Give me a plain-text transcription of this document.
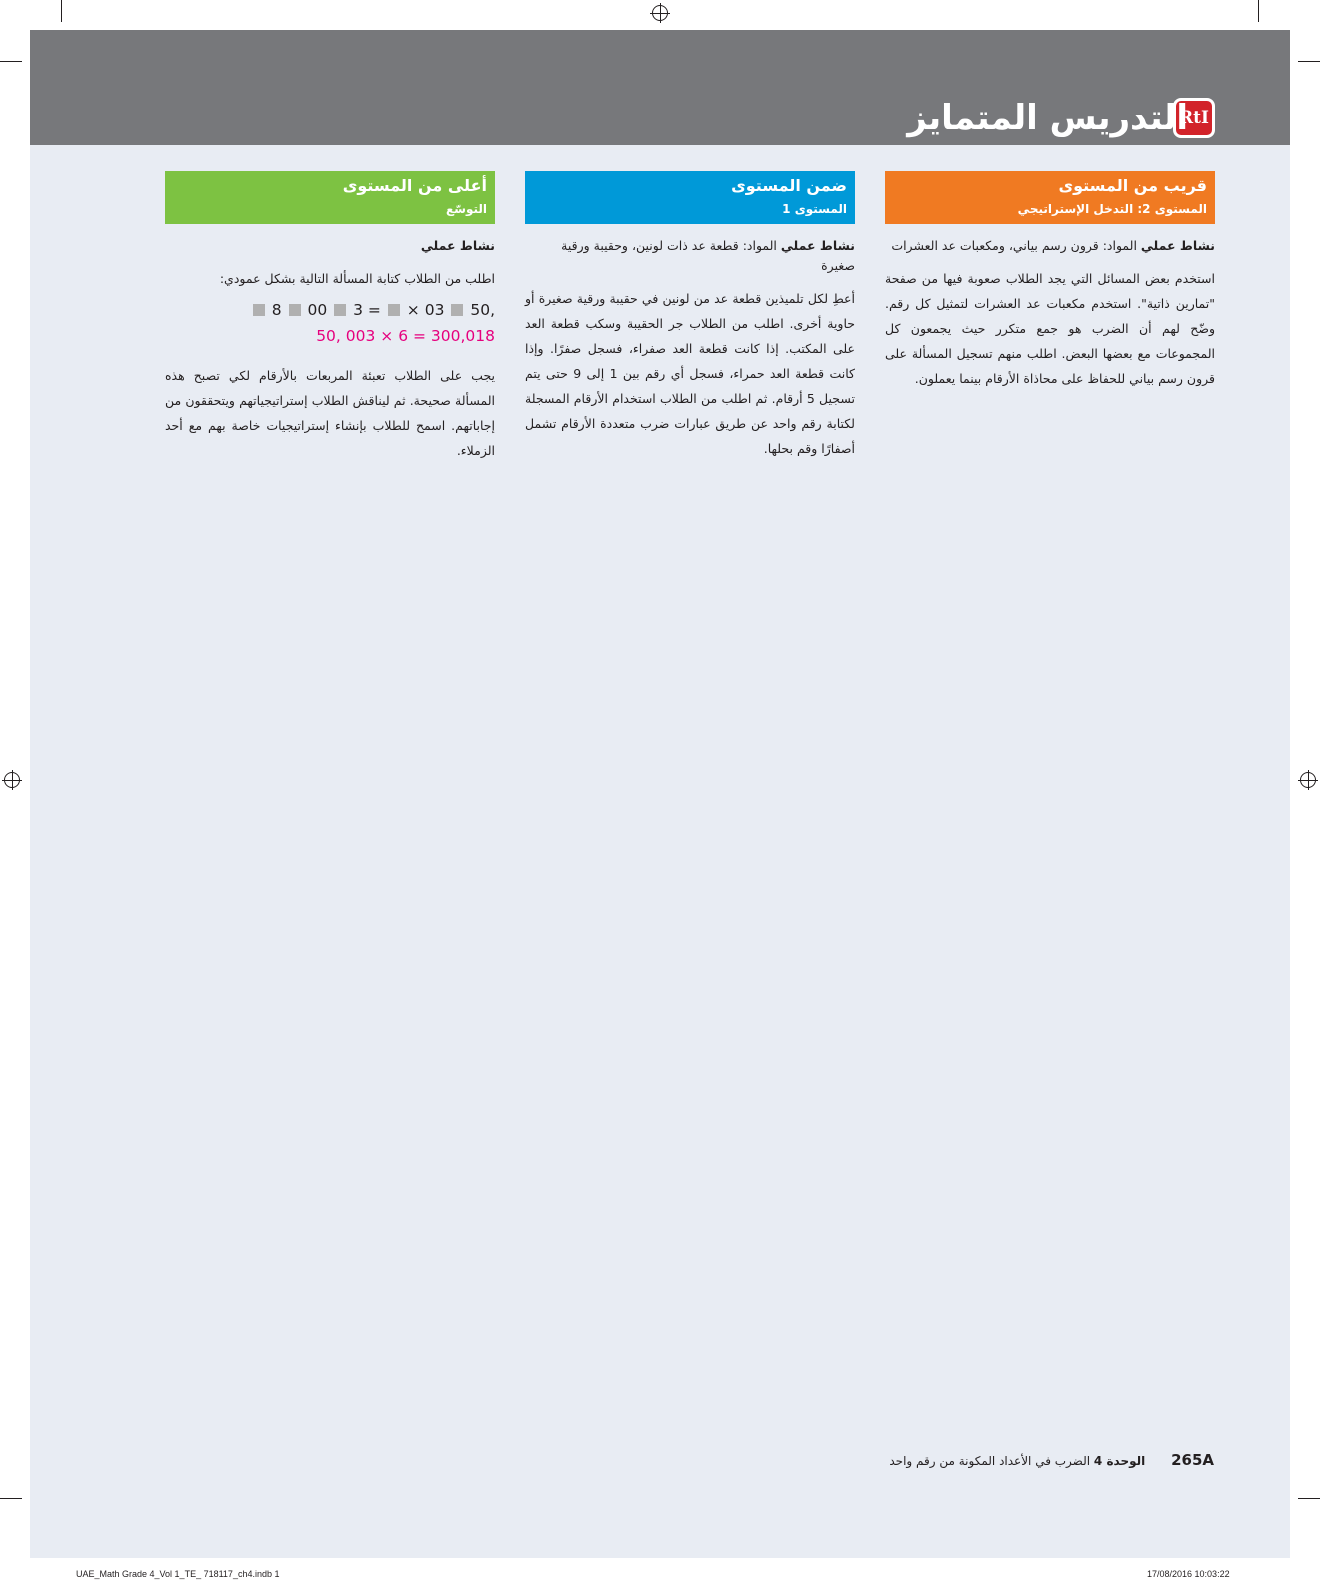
RtI
التدريس المتمايز
قريب من المستوى
المستوى 2: التدخل الإستراتيجي
نشاط عملي المواد: قرون رسم بياني، ومكعبات عد العشرات
استخدم بعض المسائل التي يجد الطلاب صعوبة فيها من صفحة "تمارين ذاتية". استخدم مكعبات عد العشرات لتمثيل كل رقم. وضّح لهم أن الضرب هو جمع متكرر حيث يجمعون كل المجموعات مع بعضها البعض. اطلب منهم تسجيل المسألة على قرون رسم بياني للحفاظ على محاذاة الأرقام بينما يعملون.
ضمن المستوى
المستوى 1
نشاط عملي المواد: قطعة عد ذات لونين، وحقيبة ورقية صغيرة
أعطِ لكل تلميذين قطعة عد من لونين في حقيبة ورقية صغيرة أو حاوية أخرى. اطلب من الطلاب جر الحقيبة وسكب قطعة العد على المكتب. إذا كانت قطعة العد صفراء، فسجل صفرًا. وإذا كانت قطعة العد حمراء، فسجل أي رقم بين 1 إلى 9 حتى يتم تسجيل 5 أرقام. ثم اطلب من الطلاب استخدام الأرقام المسجلة لكتابة رقم واحد عن طريق عبارات ضرب متعددة الأرقام تشمل أصفارًا وقم بحلها.
أعلى من المستوى
التوسّع
نشاط عملي
اطلب من الطلاب كتابة المسألة التالية بشكل عمودي:
8 00 3 = × 03 50,
50, 003 × 6 = 300,018
يجب على الطلاب تعبئة المربعات بالأرقام لكي تصبح هذه المسألة صحيحة. ثم ليناقش الطلاب إستراتيجياتهم ويتحققون من إجاباتهم. اسمح للطلاب بإنشاء إستراتيجيات خاصة بهم مع أحد الزملاء.
265A الوحدة 4 الضرب في الأعداد المكونة من رقم واحد
UAE_Math Grade 4_Vol 1_TE_ 718117_ch4.indb 1	17/08/2016 10:03:22
